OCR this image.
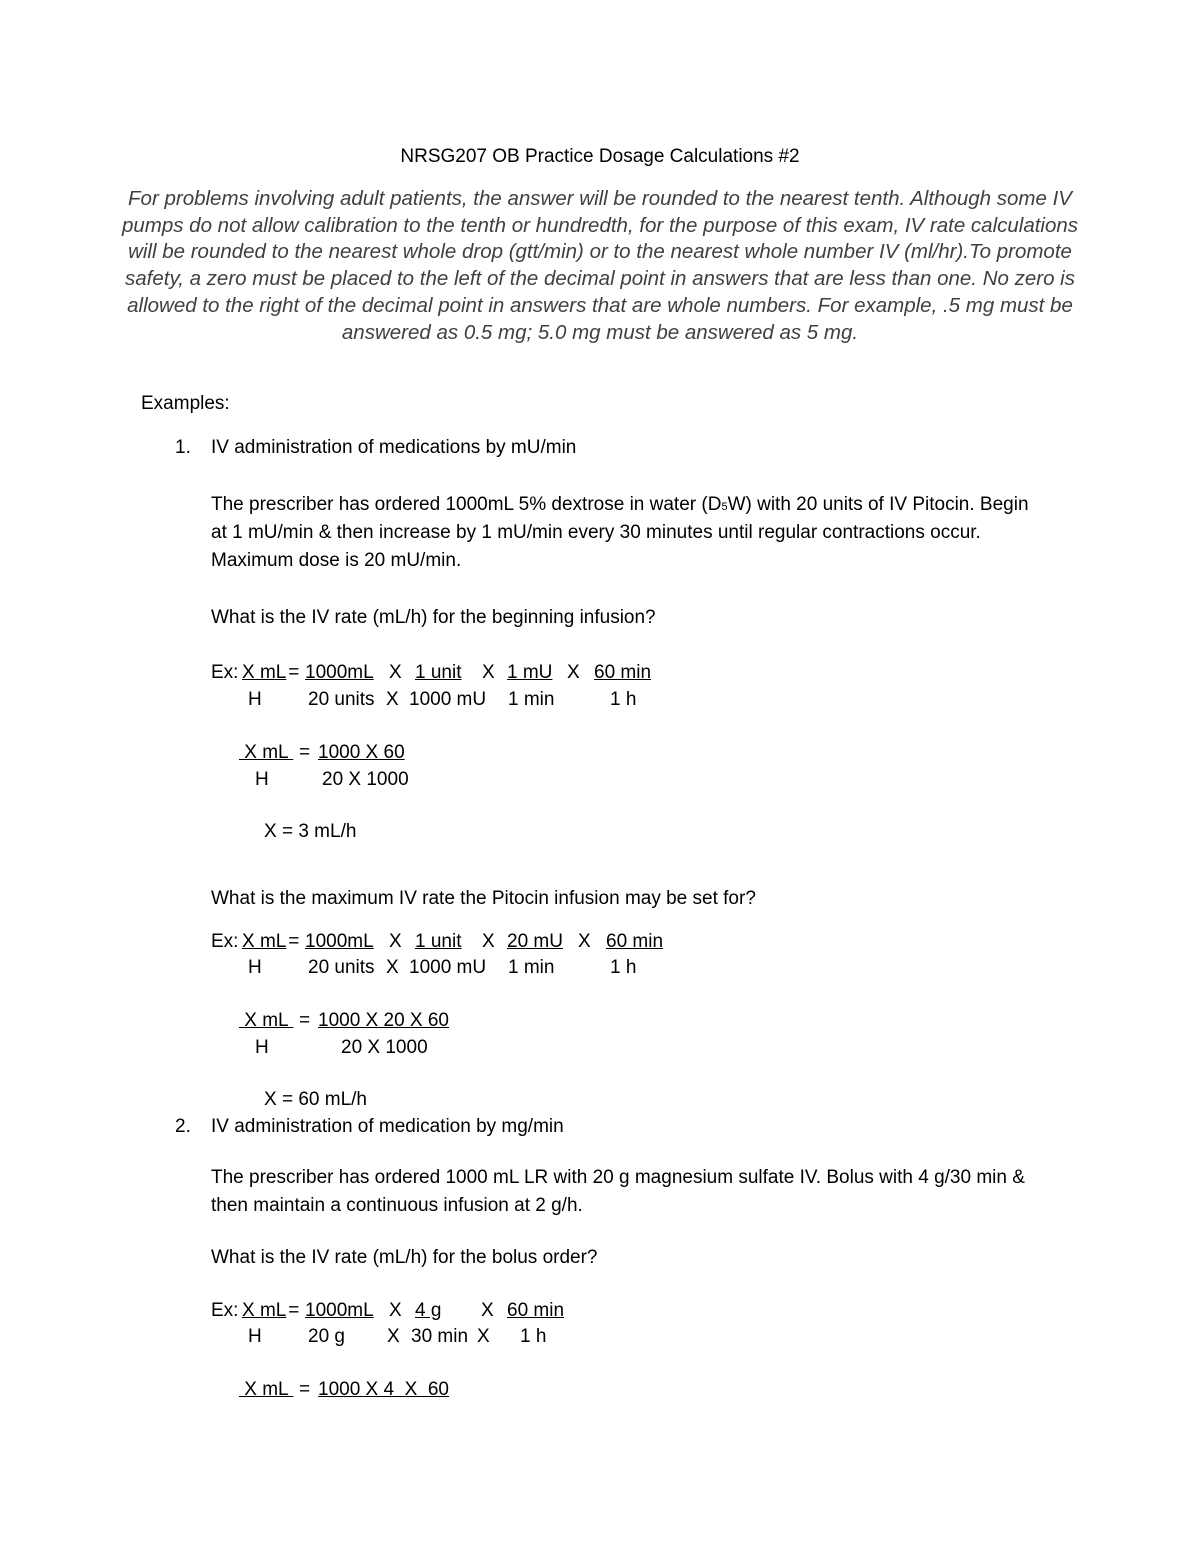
NRSG207 OB Practice Dosage Calculations #2
For problems involving adult patients, the answer will be rounded to the nearest tenth. Although some IV pumps do not allow calibration to the tenth or hundredth, for the purpose of this exam, IV rate calculations will be rounded to the nearest whole drop (gtt/min) or to the nearest whole number IV (ml/hr).To promote safety, a zero must be placed to the left of the decimal point in answers that are less than one. No zero is allowed to the right of the decimal point in answers that are whole numbers. For example, .5 mg must be answered as 0.5 mg; 5.0 mg must be answered as 5 mg.
Examples:
1. IV administration of medications by mU/min
The prescriber has ordered 1000mL 5% dextrose in water (D5W) with 20 units of IV Pitocin. Begin
at 1 mU/min & then increase by 1 mU/min every 30 minutes until regular contractions occur.
Maximum dose is 20 mU/min.
What is the IV rate (mL/h) for the beginning infusion?
Ex:
X mL
= 1000mL X 1 unit X 1 mU X 60 min
H 20 units X 1000 mU 1 min	1 h
X mL = 1000 X 60
H	20 X 1000
X = 3 mL/h
What is the maximum IV rate the Pitocin infusion may be set for?
Ex:
X mL
= 1000mL X 1 unit X 20 mU X 60 min
H 20 units X 1000 mU 1 min	1 h
X mL = 1000 X 20 X 60
H	20 X 1000
X = 60 mL/h
2. IV administration of medication by mg/min
The prescriber has ordered 1000 mL LR with 20 g magnesium sulfate IV. Bolus with 4 g/30 min &
then maintain a continuous infusion at 2 g/h.
What is the IV rate (mL/h) for the bolus order?
Ex:
X mL
= 1000mL X 4 g X 60 min
H 20 g X 30 min X 1 h
X mL = 1000 X 4  X  60
